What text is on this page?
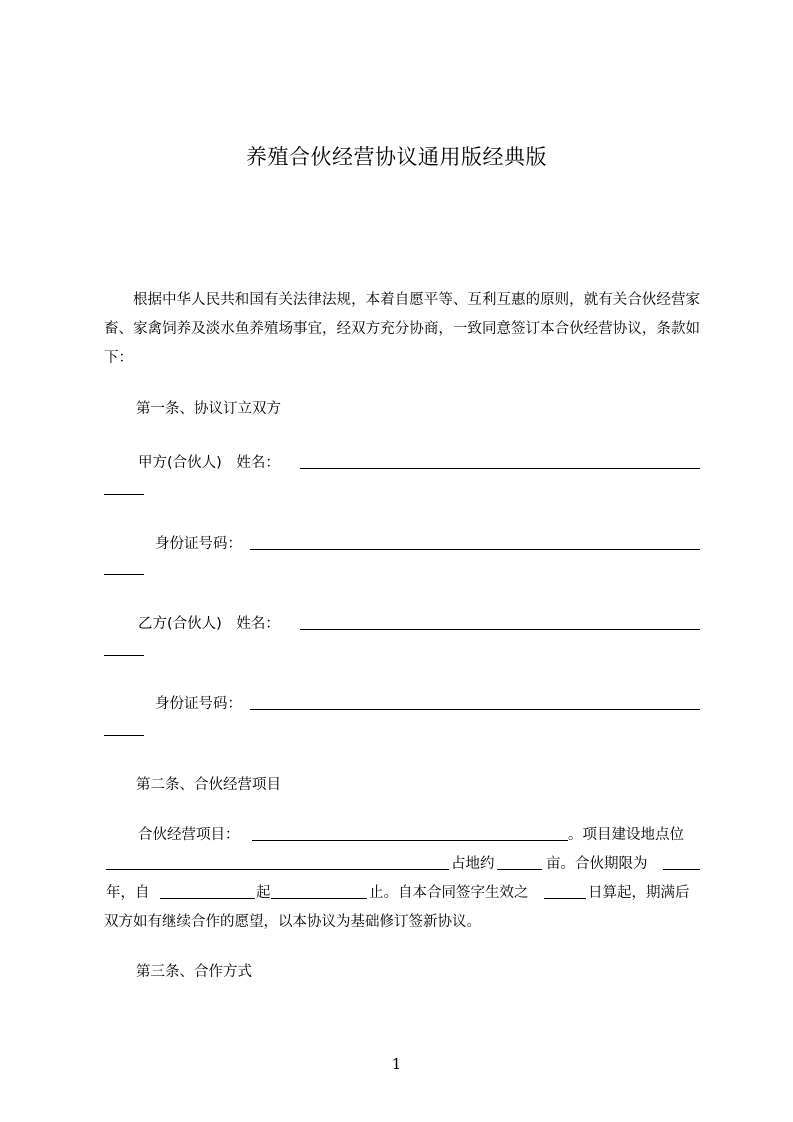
养殖合伙经营协议通用版经典版
根据中华人民共和国有关法律法规，本着自愿平等、互利互惠的原则，就有关合伙经营家畜、家禽饲养及淡水鱼养殖场事宜，经双方充分协商，一致同意签订本合伙经营协议，条款如下：
第一条、协议订立双方
甲方(合伙人)　姓名：
身份证号码：
乙方(合伙人)　姓名：
身份证号码：
第二条、合伙经营项目
合伙经营项目：	。项目建设地点位
占地约	亩。合伙期限为
年，自	起	止。自本合同签字生效之	日算起，期满后
双方如有继续合作的愿望，以本协议为基础修订签新协议。
第三条、合作方式
1
